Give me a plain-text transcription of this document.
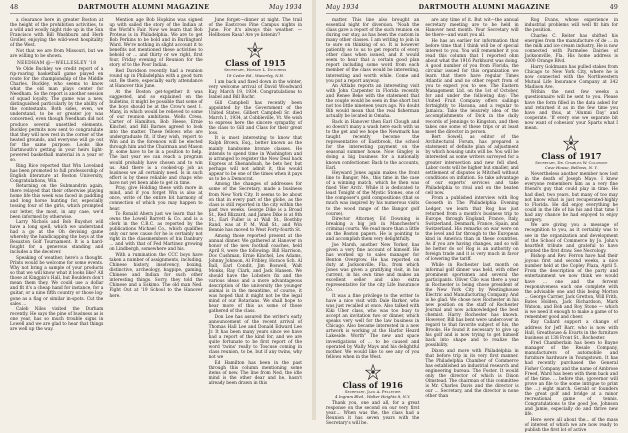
48	DARTMOUTH ALUMNI MAGAZINE	May 1934

a clearance here in greater Boston at the height of the prohibition activities, to a wild and woolly night ride up in the Sun Francisco with Bill Washburn and Herb Groller, enjoying the wild-west hospitality of the West.

Not that we are from Missouri, but we are willing to be shown.

NEEDHAM @—WELLESLEY '18

Ye Olde Buckley we credit report of a rip-roaring basketball game played en route for the championship of the Middle Charles. Buckley, who seems to know what the old man plays center for Needham. So the report is another session of squad loyalty. The game was a new, distinguished particularly by the ability of the contestants. Both sides, even, we understand, to be or greater joy was concerned, even though Needham did not produce several unsettled elements. Buckley permits now sent to congratulate that they will now rest in the corner of the heated grounds, and everyone will go out for the same purpose. Looks like Dartmouth's getting in your heirs light-powered basketball material in a year or so.

Ring Rice reported that Win Loveland has been promoted to full professorship of English literature at Boston University, Congratulations, Win.

Returning on the Submandrin again, there relayed that their otherwise playing home life this week was faced in paddling and long horse hunting for, especially tossing four of the girls, which prompted our letter, the most, in any case, we'd been informed by otherwise.

Larry Nichols and Bob Buyshot will have a long spell, which we understand had a go at the Oh devising game whereby the handicapping the boys at the Resaxton Golf Tournament. It is a hard-fought for a generous standing and includes a the deceiver.

Speaking of weather, here's a thought. Prints would be welcome for some events. Why not bring a sample of your products so that we will know what it looks like? All those at Kingpin's Hall, but Boulders don't mean them they. We could use a dollar and fit it's a cheap hand for instance, for a guitar, or a nine fifth country or those log-gone as a flag or similar in-spots. Cut the sales ...

Caleb Niles visited the Durham recently. He says the pine of business as is one year, has so much trouble signs in Lowell and we are glad to hear that things are well up the way.

Mention age Bob Hopkins was signed up with sailed the story of the Indian at the World's Fair. Now we learn that Bob Proteus is in Philadelphia. We are to get Bob Perkins to be bold and in Burlington! Ward. We're nothing in slight account it to benefits not mentioned these activities to behold or ... and thirty or we right, first four, Friday evening of Reunion for the story of to the Poor Indian.

Red Davidson recently had a reunion round up in Philadelphia with a good turn out. Be there, especially early attendance at Hanover this June.

At the Boston get-together it was suggested, and so explained on the bulletins, it might be possible that some of the boys should be at the Crow's nest 1. Many, in which would be relieved to some of our reunion ambitions. Wells Cress, Carter of Hamilton, Bob Heese, Ernie Kinchel, and Bill Barnes agreed to look into the matter. These fellows who are undergraduate fit, if they wish, report to Win and in the forenoon will be elected through him and the Chairman and Mason Jr. some have to be in a position to help. The last year we can reach a program would probably have chosen and to win us. And there is a cooked-up job as business we all certainly need. Is in such effort is by these reliable and chaps who have not yet been able to get in time.

Pray, give Holding these with more in mind, and if you forget Win is also at once, write of the entire bit harmony of connection of which you may happen to hear.

To Ronald Ahern just we learn that he owns the Lowell Barrett & Co. and is a clerk in the C.B.C. as reported by the publications Michael Co., which qualifies only our new cause for he is certainly not right in the classmembers of his Danbury ... and with that of Fed Martinez growing on Lindbergh, somewhere and his.

With a rumination the CCC boys have taken a number of assignments, including, Chinese history, insolvency, boxing, distinctive, archeology, bagpipe, gaming, Chinese and Indian for such other interesting things. Sorry, they told the Chinese and a Eskimo. The old man Ned. Fight Out at '19 School to the Hanover here.

June forget—dinner at night. The trail of the Eastcross Pine Campus nights in June. For it's always this weather. — Hellboxes Rasa! Are ye listenin'?

Class of 1915
Secretary, Horace L. Dutchess
18 Cedar Rd., Waverley, N.H.

I am back and fixed down in the winter, very welcome arrival of David Woodward Kay, March 19, 1934. Congratulations to Isabel and Bill Bachr.

Gill Campbell has recently been appointed by the Government of the United States. Gilbert Campbell Sr. died March 1, 1934, at Cobbleville, Vt. We wish to express here the sincere sympathy of the class to Gill and Class for their great loss.

It is most interesting to know that Ralph Brown, Esq., better known as the mainly handsome bronze classes. He intends to spend time in Washington and is arranged to register the New Deal back Express at Shenandoah, he bets her, but perhaps will not admit it, this would appear to be one of the times when it pays us to be a Democrat.

Among the changes of addresses for some of the Secretary, made a business from New York City. It seems to be about on that in every part of the globe, as the class is still reported in the city within the past two weeks. George Dike is a Broad St., Red Blizzard, and James Dike is at 8th St., Earl Fuller is at Wall St., Boothby Rand, was at P. M. Wall St., and Win Bennie has moved to West Forty-fourth St.

Among those reported present at the annual dinner. We gathered at Hanover in honor of the new football coaches, held April 8, were the following: Bill Harrison, Doc Cushman, Ernie Kinchel, Les Adams, Johnny Johnson, Al Fribley, Horace Sch. Al Ball, Earl Condit, Jim Boswell, Walt Monks, Ray Clark, and Jack Hansen. We should have the Lobsters fix and the various ideas and a more advantageous description of the university the younger animal is in the meantime, of course, it was hoped that it might not be the legal mind of our Rotarians. We shall hope to hear more of this as some of those gathered of the class.

Don Lee has assured the writer's early announcement of the recent arrival of Thomas Hall Lee and Donald Edward Lee Jr. It has been many years since we have had a report of the kind for, and we are quite fortunate to be first report of the word 'twins' really to Toscuse coming in class reunion, to be, but if any twins, why not we

Ed Hamilton has been in the past through this column mentioning some items of new. The line from Ned, the idle mind is the other dear and he, hasn't already been drawn in this

May 1934	DARTMOUTH ALUMNI MAGAZINE	49

matter. This line also brought an essential night for diversion. 'Noah the class gave a report of the such reunion on during our stay, as has been the custom in many other classes. I am writing to join in to sure on thinking of so. It is however patiently so to us to get reports of every other class when issued, and it would seem to hear that a certain good plan report including some word from each member of the class would be interesting, interesting and worth while. Come and you put a report anyway.

An Altlabs reports an interesting visit with John Carpenter in Florida recently and Renee Beke with the statement that the couple would be seen in fine short but not too little nineteen years ago. No doubt Bib would mean that the real fisherman actually be located in Omaha.

Back in Hanover then Earl Clough and so doesn't many a wash here each with us to the get and we hope the Newmark has taught recently become the representative of Eastbrook, the school for the interesting payment on the seasonal summer house. Now Gingley is doing a big business for a nationally known confectioner. Back to the accounts, Earl.

Heyward Jones again makes the front line to Bangor, Me., this time in the case of a winning match, which he then was fixed 'Her Arch'. While it is dedicated to least Tonight of the Mystic Stones, one of the composer's gold compositions (that so much was inspired by his numerous visits to the wood range of the Bangor golf course).

Director Attorney Ed Downing is breaking a big job in Manchester's criminal courts. We read more than a little on the Boston papers. He is pointing to and accomplish them very delightfully.

Joe Marsh, another New Yorker, has given a very fine account of himself. He has worked up to sales manager for Benton Overgrow. He has reported on duty at Jacksonville, Fla., from which Jones was given a gratifying visit, in his current, in his own time and makes an excellent seller and also extra representative for the city Life Insurance Co.

It was a fine privilege to the writer to have a nice visit with Dale Barker, who was just recalled at once. Also talked with Kiki Uber class, who was too busy to accept an invitation two or dinner, which speaks very well for the law business in Chicago. Also became interested in a new artwork is working at the Harfor Heard Lakeside. Worth" The new and space investigations of ... to be caused and operated by Wally Mays and his delightful mother. We would like to see any of you fellows when in the West.

Class of 1916
Secretary, Jack A. Pelletier
4 Ingram Blvd., Walter Heights 8, N.Y.

Thank you, one and all, for a great response on the second on our very first year.... When was the, the class had a Reunion it has seven years with the Secretary's will be.

are any time of it. But wit—the annual secretary meeting are to be held in Hanover next month. Your Secretary will be there—and want you all.

He has an earlier for information that before time that I think will be of special interest to you. You will remember it you read this column that I reported ohm about what the 1916 Parkhurst was doing. A good number of you from Florida, the circular issued for this organization we learn that there have regular Times Atlantic and and no other report from of you to expect you to see. The Eastern Management Ltd. on the 1st of October, for and under the following day: The United Fruit Company offers sailings fortnightly to Havana, and a regular to Jamaica. Take the leisurely idea of the accomplishments of Dick in the daily records of Jennings to Kingston, and then takes one some of these trips or at least meet the director in person.

Bert Sowell, as editor of the Architectural Forum, has prepared a statement of definite plan of adjustment by which housing units will be. You will be interested as some writers surveyed for a greater intersection and new fell shed. Labor costs will be higher but smaller, and settlement of disputes is Mitchell without conditions on inflation. So take advantage of our experts' services and take Philadelphia to rival and on the beaten cell now.

From a published interview with Rog Gooseth in The Philadelphia Evening Ledger, we learn that Rog has just returned from a month's business trip to Europe, through England, France, Italy, Switzerland, Denmark, France, Spain, and Switzerland. His remarks on war were on the level and far through to the European kind in America than in these countries. As if you are having changes, and so will be better do so! Rog is an authority on foreign trade and it is very much in favor of lowering the tariff.

While in Rochester last month on informal golf dinner was held, with other prominent sportsmen and several the participants. Oliver Clio was there a year in Rochester is being chose president of the New York City by Westinghouse Electric and Manufacturing Company. And is he glad. We chose now Rochester in his new position on the staff of Rochester Journal and now acknowledged the best chemist. Harry Rochester has known. However, Bill has bent were undercover in regard to that favorite subject of his, the Brooks. He found it necessary to give up his golf and is now trying to get himself back into shape and to realize the possibility.

Dixon and more with Philadelphia in that before trip in its very first manner. The Philadelphia Chamber of Commerce has established an industrial research and engineering bureau. The Foster. It would only the director of which is Dixon Olmstead. The chairman of this committee is Mr. Charles Davis and the director is our ... Secretary, and the director is none other than

Rog Evans, whose experience in industrial problems will well fit him for the position.

Charles C. Reiter has shifted his energies from the manufacture of de ... in the milk and ice cream industry. He is now connected with Parmelee Dairies of Jacksonville, Fla. His home address is 2000 Orange Blvd.

Harry Goldmann has pulled stakes from Chicago to New York City, where he is now connected with the Northwestern Mutual Life Insurance Company at 342 Madison Ave.

Within the next few weeks a questionnaire will be sent to you. Please have the form filled in the data asked for and returned it as in the few time you have and thus, at 'Alumni Day' and cooperate. 'If every one we separate bit now want of cohesion' your Sparts what I mean.

Class of 1917
Secretary, Dr. Charles W. Colgrove
Cave House, Bellows, N. Y.

Nevertheless another member now lost in the death of Joseph Mayo. I know everyone remembers him as a very fine friend's guy that could play in time. He had died, two years, but many of too may not know what is just recuperated-highly to Florida. He did enjoy everything he could in the life of his his and that time I had any chance he had enjoyed to enjoy surgery.

We are giving you a message of recognition to you, as it certainly was to see in the organization and development of the School of Commerce by Jo. John's heartfelt tribute and grateful to have printed the first draw. See Necrology.

Bishop and Rev. Ferron have had their joyous first and second weeks, a nice number held at the Copley Plaza, April 5. From the description of the party and entertainment we now think we would have ... one and the fervent responsiveness each one complete with the advisable one and this being Morton ... George Carrier, Jack Gretton, Will Frith, Bates Holden, Jack Richardson, Mark Watson, and Bob and Roy Stone — which is we need it enough to make a game of to remember good and cheer.

Ray Callard support a change of address for Jeff Barr, who is now with Hall, Greathouse & Evarts in the furniture business at 138 Front St., Rochester.

Fred Chamberlain has been to Bayne manager of the Resale Company, manufacturers of automobile and furniture hardware in Youngstown. It has had recently purchased the General Fisher Company and the name of Ambrose Freed, Ward has been with them back and of the time. ... before this, (governor will prove an file to the some intrigue to print the ...) eight march. Gerald or founders the great golf and bridge at a minor recreational game of tennis. Congratulations to the good Joe, Johnson and Jamie, especially do and thrive new life.

Here were all about the... of the mass of interest of which we are now ready to publish the first lot of active
